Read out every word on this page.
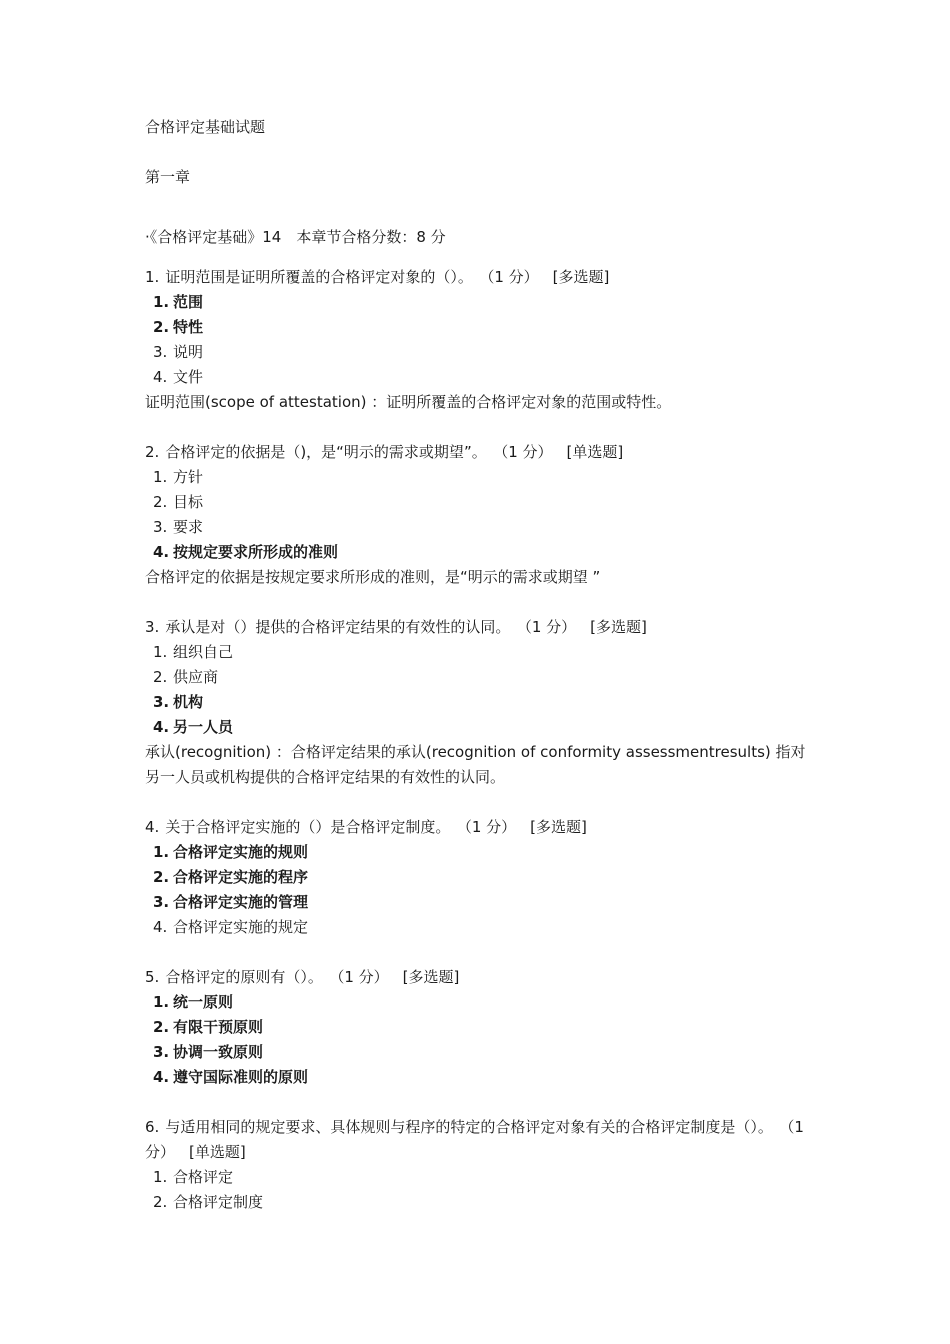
合格评定基础试题
第一章
·《合格评定基础》14　本章节合格分数：8 分
1. 证明范围是证明所覆盖的合格评定对象的（）。 （1 分） [多选题]
1. 范围
2. 特性
3. 说明
4. 文件
证明范围(scope of attestation) ：证明所覆盖的合格评定对象的范围或特性。
2. 合格评定的依据是（)，是“明示的需求或期望”。 （1 分） [单选题]
1. 方针
2. 目标
3. 要求
4. 按规定要求所形成的准则
合格评定的依据是按规定要求所形成的准则，是“明示的需求或期望 ”
3. 承认是对（）提供的合格评定结果的有效性的认同。 （1 分） [多选题]
1. 组织自己
2. 供应商
3. 机构
4. 另一人员
承认(recognition) ：合格评定结果的承认(recognition of conformity assessmentresults) 指对另一人员或机构提供的合格评定结果的有效性的认同。
4. 关于合格评定实施的（）是合格评定制度。 （1 分） [多选题]
1. 合格评定实施的规则
2. 合格评定实施的程序
3. 合格评定实施的管理
4. 合格评定实施的规定
5. 合格评定的原则有（）。 （1 分） [多选题]
1. 统一原则
2. 有限干预原则
3. 协调一致原则
4. 遵守国际准则的原则
6. 与适用相同的规定要求、具体规则与程序的特定的合格评定对象有关的合格评定制度是（）。 （1 分） [单选题]
1. 合格评定
2. 合格评定制度
